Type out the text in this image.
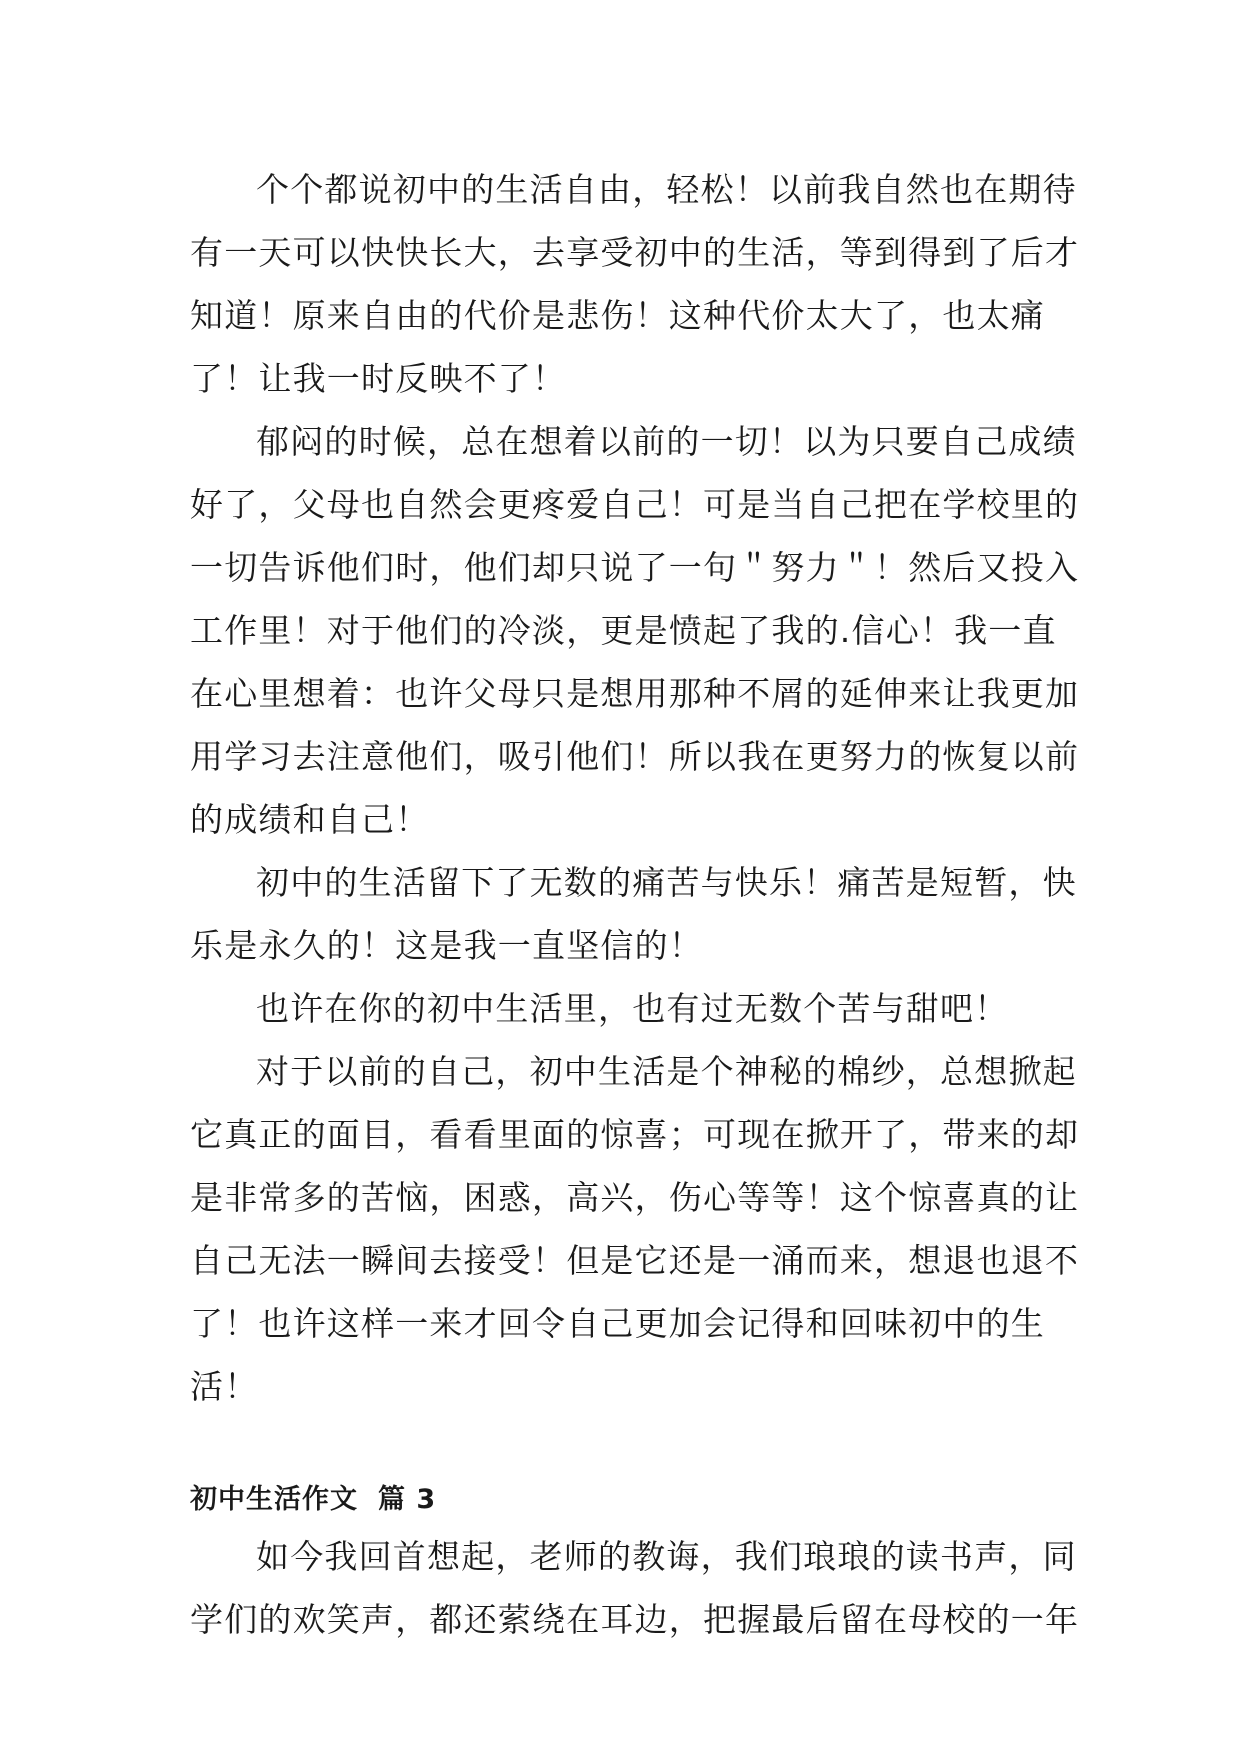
个个都说初中的生活自由，轻松！以前我自然也在期待

有一天可以快快长大，去享受初中的生活，等到得到了后才

知道！原来自由的代价是悲伤！这种代价太大了，也太痛

了！让我一时反映不了！

郁闷的时候，总在想着以前的一切！以为只要自己成绩

好了，父母也自然会更疼爱自己！可是当自己把在学校里的

一切告诉他们时，他们却只说了一句＂努力＂！然后又投入

工作里！对于他们的冷淡，更是愤起了我的.信心！我一直

在心里想着：也许父母只是想用那种不屑的延伸来让我更加

用学习去注意他们，吸引他们！所以我在更努力的恢复以前

的成绩和自己！

初中的生活留下了无数的痛苦与快乐！痛苦是短暂，快

乐是永久的！这是我一直坚信的！

也许在你的初中生活里，也有过无数个苦与甜吧！

对于以前的自己，初中生活是个神秘的棉纱，总想掀起

它真正的面目，看看里面的惊喜；可现在掀开了，带来的却

是非常多的苦恼，困惑，高兴，伤心等等！这个惊喜真的让

自己无法一瞬间去接受！但是它还是一涌而来，想退也退不

了！也许这样一来才回令自己更加会记得和回味初中的生

活！

初中生活作文 篇 3

如今我回首想起，老师的教诲，我们琅琅的读书声，同

学们的欢笑声，都还萦绕在耳边，把握最后留在母校的一年
